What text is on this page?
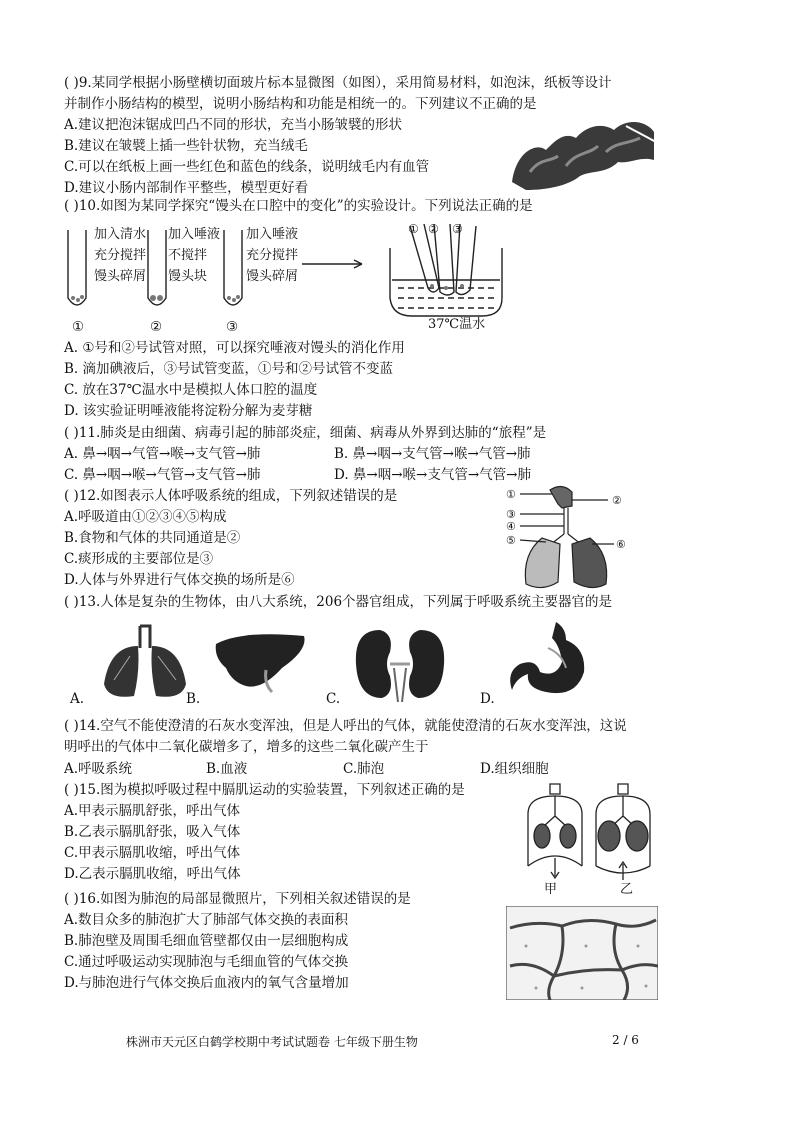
( )9.某同学根据小肠壁横切面玻片标本显微图（如图），采用简易材料，如泡沫，纸板等设计
并制作小肠结构的模型，说明小肠结构和功能是相统一的。下列建议不正确的是
A.建议把泡沫锯成凹凸不同的形状，充当小肠皱襞的形状
B.建议在皱襞上插一些针状物，充当绒毛
C.可以在纸板上画一些红色和蓝色的线条，说明绒毛内有血管
D.建议小肠内部制作平整些，模型更好看
( )10.如图为某同学探究“馒头在口腔中的变化”的实验设计。下列说法正确的是
① ② ③
加入清水
充分搅拌
馒头碎屑
加入唾液
不搅拌
馒头块
加入唾液
充分搅拌
馒头碎屑
①	②	③	37℃温水
A. ①号和②号试管对照，可以探究唾液对馒头的消化作用
B. 滴加碘液后，③号试管变蓝，①号和②号试管不变蓝
C. 放在37℃温水中是模拟人体口腔的温度
D. 该实验证明唾液能将淀粉分解为麦芽糖
( )11.肺炎是由细菌、病毒引起的肺部炎症，细菌、病毒从外界到达肺的“旅程”是
A. 鼻→咽→气管→喉→支气管→肺	B. 鼻→咽→支气管→喉→气管→肺
C. 鼻→咽→喉→气管→支气管→肺	D. 鼻→咽→喉→支气管→气管→肺
( )12.如图表示人体呼吸系统的组成，下列叙述错误的是
A.呼吸道由①②③④⑤构成
B.食物和气体的共同通道是②
C.痰形成的主要部位是③
D.人体与外界进行气体交换的场所是⑥
①	②
③
④
⑤	⑥
( )13.人体是复杂的生物体，由八大系统，206个器官组成，下列属于呼吸系统主要器官的是
A.	B.	C.	D.
( )14.空气不能使澄清的石灰水变浑浊，但是人呼出的气体，就能使澄清的石灰水变浑浊，这说
明呼出的气体中二氧化碳增多了，增多的这些二氧化碳产生于
A.呼吸系统	B.血液	C.肺泡	D.组织细胞
( )15.图为模拟呼吸过程中膈肌运动的实验装置，下列叙述正确的是
A.甲表示膈肌舒张，呼出气体
B.乙表示膈肌舒张，吸入气体
C.甲表示膈肌收缩，呼出气体
D.乙表示膈肌收缩，呼出气体
甲	乙
( )16.如图为肺泡的局部显微照片，下列相关叙述错误的是
A.数目众多的肺泡扩大了肺部气体交换的表面积
B.肺泡壁及周围毛细血管壁都仅由一层细胞构成
C.通过呼吸运动实现肺泡与毛细血管的气体交换
D.与肺泡进行气体交换后血液内的氧气含量增加
株洲市天元区白鹤学校期中考试试题卷 七年级下册生物	2 / 6
